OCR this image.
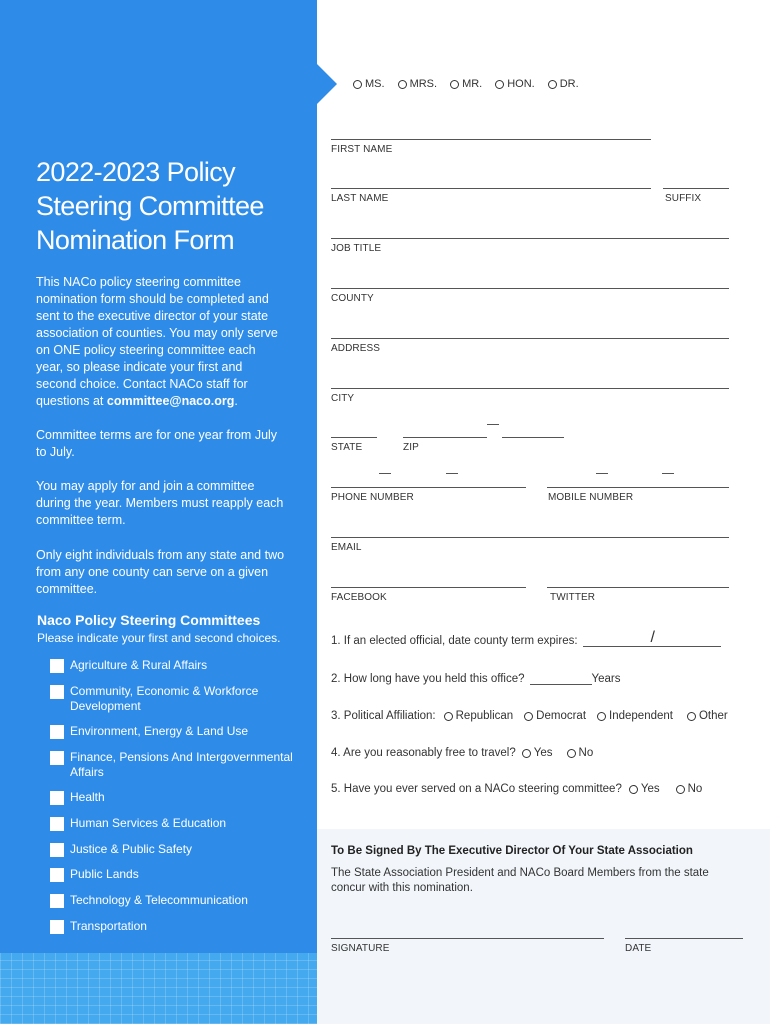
2022-2023 Policy Steering Committee Nomination Form

This NACo policy steering committee nomination form should be completed and sent to the executive director of your state association of counties. You may only serve on ONE policy steering committee each year, so please indicate your first and second choice. Contact NACo staff for questions at committee@naco.org.

Committee terms are for one year from July to July.

You may apply for and join a committee during the year. Members must reapply each committee term.

Only eight individuals from any state and two from any one county can serve on a given committee.

Naco Policy Steering Committees
Please indicate your first and second choices.
Agriculture & Rural Affairs
Community, Economic & Workforce Development
Environment, Energy & Land Use
Finance, Pensions And Intergovernmental Affairs
Health
Human Services & Education
Justice & Public Safety
Public Lands
Technology & Telecommunication
Transportation
MS. MRS. MR. HON. DR.
FIRST NAME
LAST NAME	SUFFIX
JOB TITLE
COUNTY
ADDRESS
CITY
STATE	ZIP
PHONE NUMBER	MOBILE NUMBER
EMAIL
FACEBOOK	TWITTER
1. If an elected official, date county term expires:	/
2. How long have you held this office?	Years
3. Political Affiliation: Republican Democrat Independent Other
4. Are you reasonably free to travel? Yes No
5. Have you ever served on a NACo steering committee? Yes No
To Be Signed By The Executive Director Of Your State Association
The State Association President and NACo Board Members from the state concur with this nomination.
SIGNATURE	DATE
